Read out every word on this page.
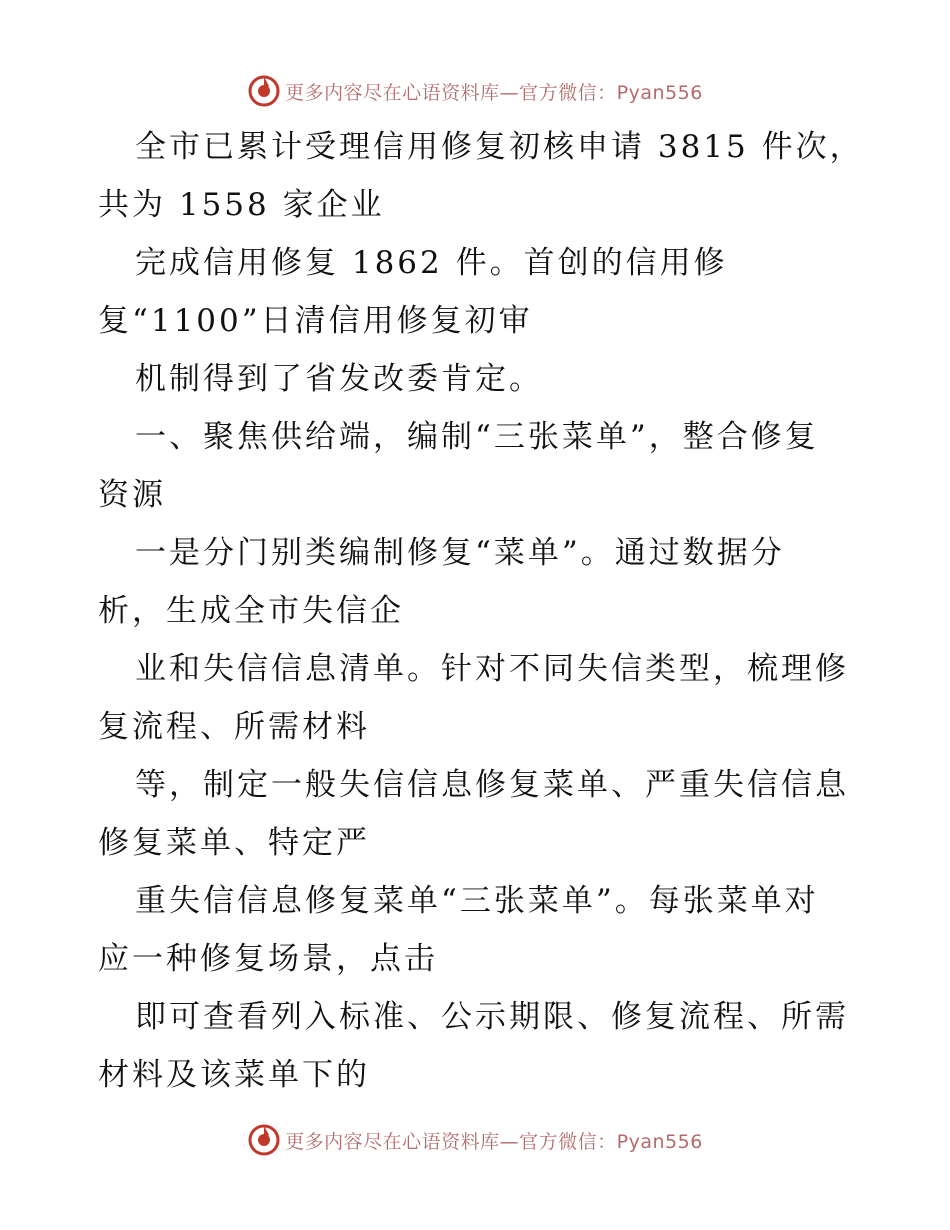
更多内容尽在心语资料库—官方微信：Pyan556
全市已累计受理信用修复初核申请 3815 件次，
共为 1558 家企业
完成信用修复 1862 件。首创的信用修
复“1100”日清信用修复初审
机制得到了省发改委肯定。
一、聚焦供给端，编制“三张菜单”，整合修复
资源
一是分门别类编制修复“菜单”。通过数据分
析，生成全市失信企
业和失信信息清单。针对不同失信类型，梳理修
复流程、所需材料
等，制定一般失信信息修复菜单、严重失信信息
修复菜单、特定严
重失信信息修复菜单“三张菜单”。每张菜单对
应一种修复场景，点击
即可查看列入标准、公示期限、修复流程、所需
材料及该菜单下的
更多内容尽在心语资料库—官方微信：Pyan556
